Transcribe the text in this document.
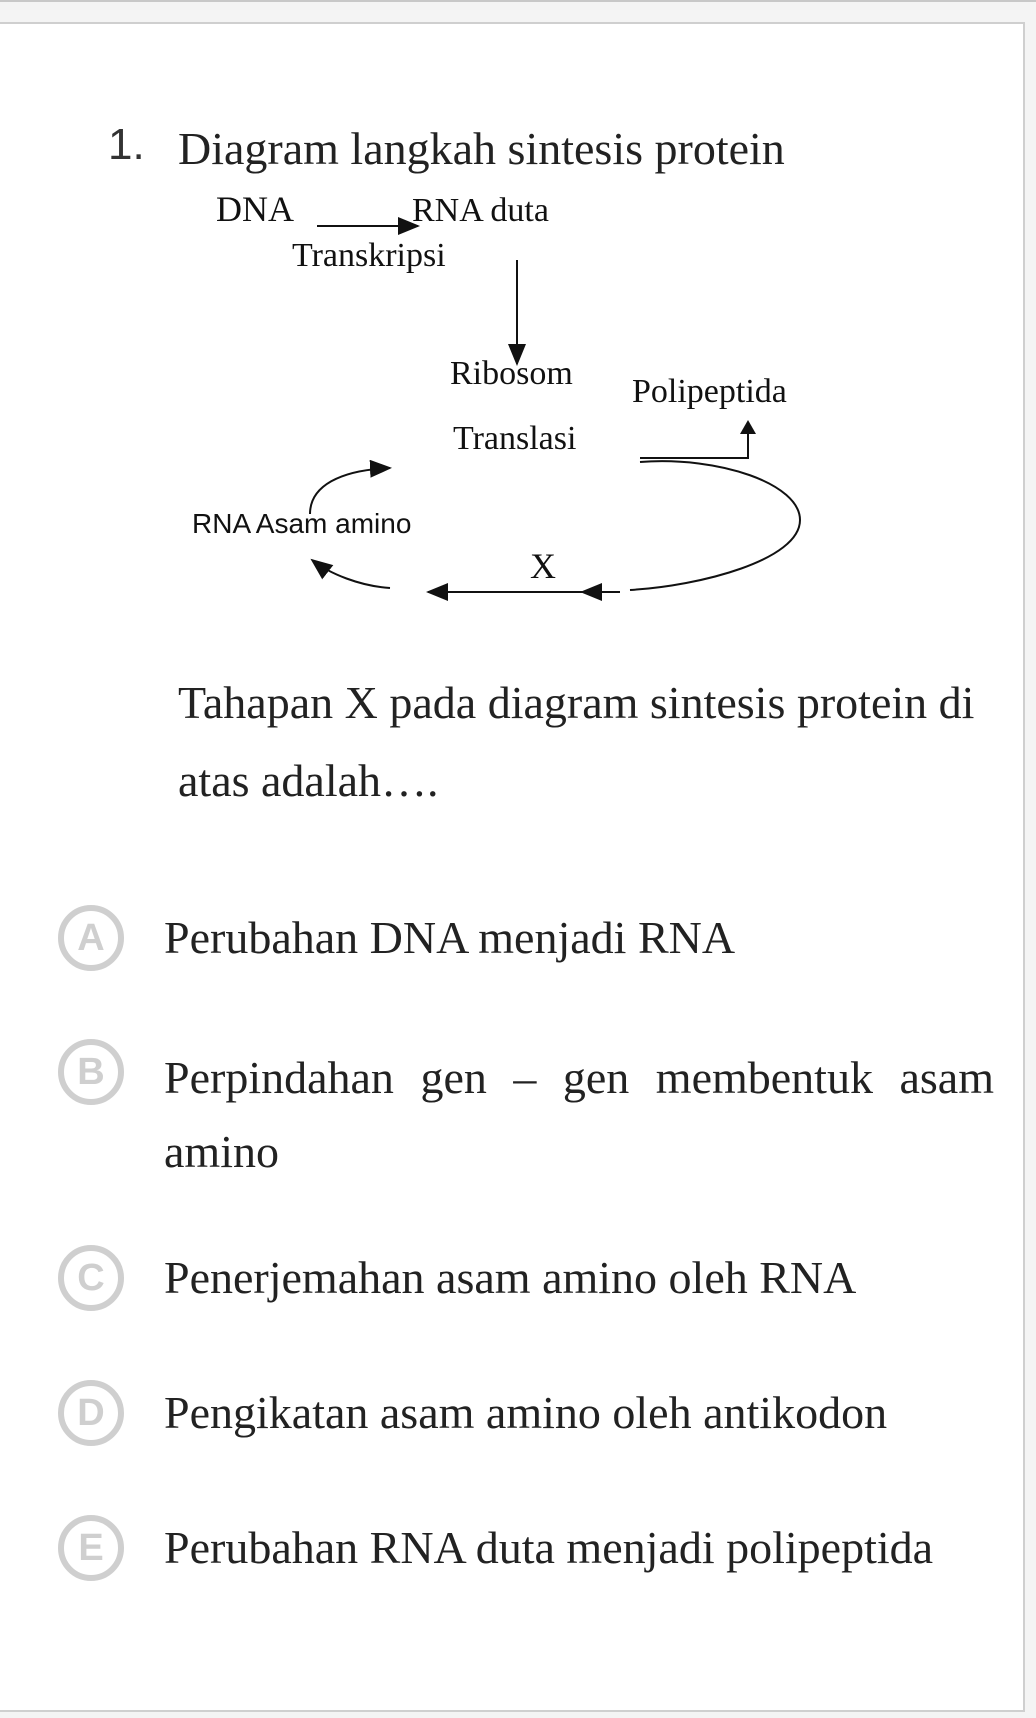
1. Diagram langkah sintesis protein
DNA	RNA duta
Transkripsi
Ribosom Polipeptida
Translasi
RNA Asam amino
X
Tahapan X pada diagram sintesis protein di atas adalah….
A	Perubahan DNA menjadi RNA
B	Perpindahan gen – gen membentuk asam amino
C	Penerjemahan asam amino oleh RNA
D	Pengikatan asam amino oleh antikodon
E	Perubahan RNA duta menjadi polipeptida
